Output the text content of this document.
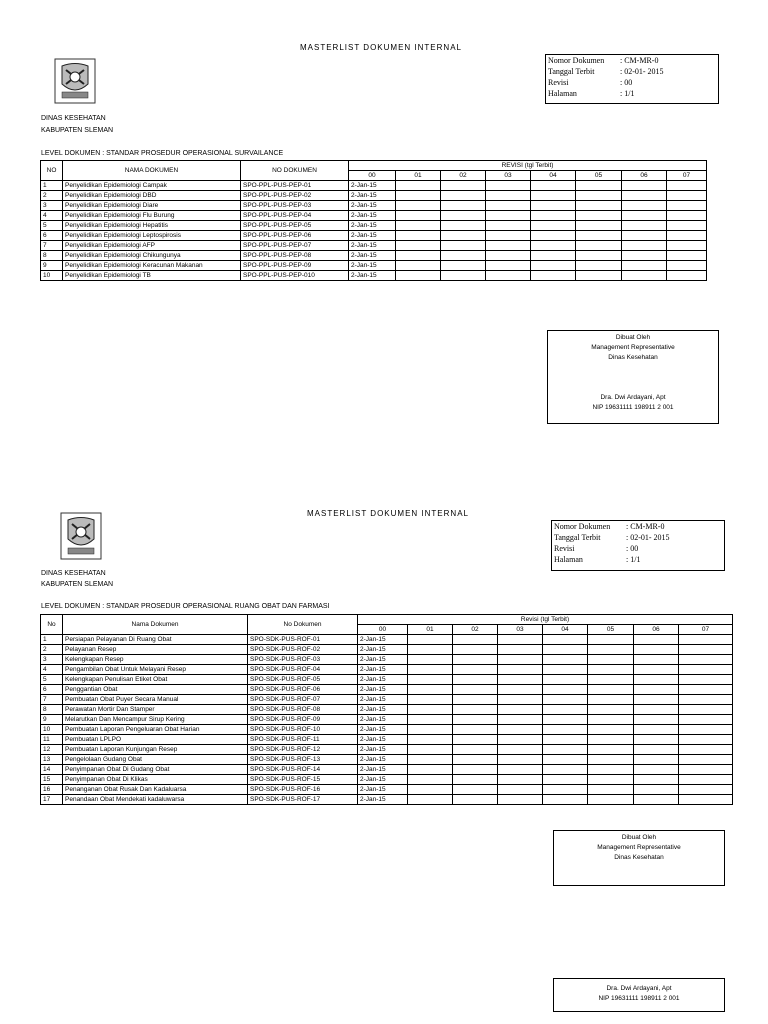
MASTERLIST DOKUMEN INTERNAL
Nomor Dokumen	: CM-MR-0
Tanggal Terbit	: 02-01- 2015
Revisi	: 00
Halaman	: 1/1
DINAS KESEHATAN
KABUPATEN SLEMAN
LEVEL DOKUMEN : STANDAR PROSEDUR OPERASIONAL SURVAILANCE
NO	NAMA DOKUMEN	NO DOKUMEN	REVISI (tgl Terbit)							
			00	01	02	03	04	05	06	07
1	Penyelidikan Epidemiologi Campak	SPO-PPL-PUS-PEP-01	2-Jan-15							
2	Penyelidikan Epidemiologi DBD	SPO-PPL-PUS-PEP-02	2-Jan-15							
3	Penyelidikan Epidemiologi Diare	SPO-PPL-PUS-PEP-03	2-Jan-15							
4	Penyelidikan Epidemiologi Flu Burung	SPO-PPL-PUS-PEP-04	2-Jan-15							
5	Penyelidikan Epidemiologi Hepatitis	SPO-PPL-PUS-PEP-05	2-Jan-15							
6	Penyelidikan Epidemiologi Leptospirosis	SPO-PPL-PUS-PEP-06	2-Jan-15							
7	Penyelidikan Epidemiologi AFP	SPO-PPL-PUS-PEP-07	2-Jan-15							
8	Penyelidikan Epidemiologi Chikungunya	SPO-PPL-PUS-PEP-08	2-Jan-15							
9	Penyelidikan Epidemiologi Keracunan Makanan	SPO-PPL-PUS-PEP-09	2-Jan-15							
10	Penyelidikan Epidemiologi TB	SPO-PPL-PUS-PEP-010	2-Jan-15							
Dibuat Oleh
Management Representative
Dinas Kesehatan
Dra. Dwi Ardayani, Apt
NIP 19631111 198911 2 001
MASTERLIST DOKUMEN INTERNAL
Nomor Dokumen	: CM-MR-0
Tanggal Terbit	: 02-01- 2015
Revisi	: 00
Halaman	: 1/1
DINAS KESEHATAN
KABUPATEN SLEMAN
LEVEL DOKUMEN : STANDAR PROSEDUR OPERASIONAL RUANG OBAT DAN FARMASI
No	Nama Dokumen	No Dokumen	Revisi (tgl Terbit)							
			00	01	02	03	04	05	06	07
1	Persiapan Pelayanan Di Ruang Obat	SPO-SDK-PUS-ROF-01	2-Jan-15							
2	Pelayanan Resep	SPO-SDK-PUS-ROF-02	2-Jan-15							
3	Kelengkapan Resep	SPO-SDK-PUS-ROF-03	2-Jan-15							
4	Pengambilan Obat Untuk Melayani Resep	SPO-SDK-PUS-ROF-04	2-Jan-15							
5	Kelengkapan Penulisan Etiket Obat	SPO-SDK-PUS-ROF-05	2-Jan-15							
6	Penggantian Obat	SPO-SDK-PUS-ROF-06	2-Jan-15							
7	Pembuatan Obat Puyer Secara Manual	SPO-SDK-PUS-ROF-07	2-Jan-15							
8	Perawatan Mortir Dan Stamper	SPO-SDK-PUS-ROF-08	2-Jan-15							
9	Melarutkan Dan Mencampur Sirup Kering	SPO-SDK-PUS-ROF-09	2-Jan-15							
10	Pembuatan Laporan Pengeluaran Obat Harian	SPO-SDK-PUS-ROF-10	2-Jan-15							
11	Pembuatan LPLPO	SPO-SDK-PUS-ROF-11	2-Jan-15							
12	Pembuatan Laporan Kunjungan Resep	SPO-SDK-PUS-ROF-12	2-Jan-15							
13	Pengelolaan Gudang Obat	SPO-SDK-PUS-ROF-13	2-Jan-15							
14	Penyimpanan Obat Di Gudang Obat	SPO-SDK-PUS-ROF-14	2-Jan-15							
15	Penyimpanan Obat Di Klikas	SPO-SDK-PUS-ROF-15	2-Jan-15							
16	Penanganan Obat Rusak Dan Kadaluarsa	SPO-SDK-PUS-ROF-16	2-Jan-15							
17	Penandaan Obat Mendekati kadaluwarsa	SPO-SDK-PUS-ROF-17	2-Jan-15							
Dibuat Oleh
Management Representative
Dinas Kesehatan
Dra. Dwi Ardayani, Apt
NIP 19631111 198911 2 001
